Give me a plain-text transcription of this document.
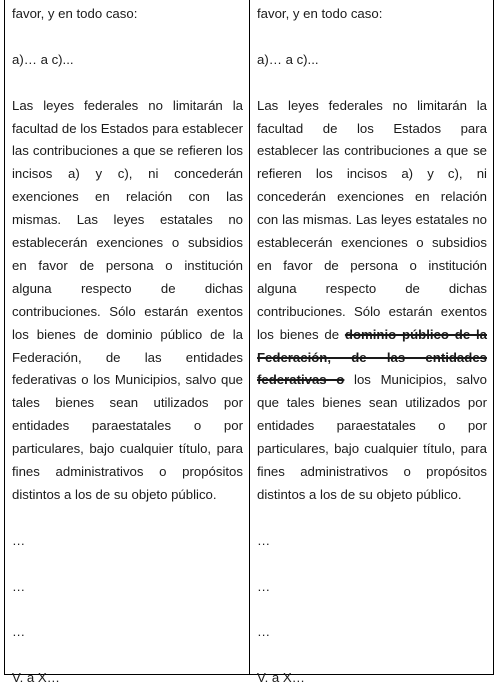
favor, y en todo caso:

a)… a c)...

Las leyes federales no limitarán la facultad de los Estados para establecer las contribuciones a que se refieren los incisos a) y c), ni concederán exenciones en relación con las mismas. Las leyes estatales no establecerán exenciones o subsidios en favor de persona o institución alguna respecto de dichas contribuciones. Sólo estarán exentos los bienes de dominio público de la Federación, de las entidades federativas o los Municipios, salvo que tales bienes sean utilizados por entidades paraestatales o por particulares, bajo cualquier título, para fines administrativos o propósitos distintos a los de su objeto público.

…

…

…

V. a X…

favor, y en todo caso:

a)… a c)...

Las leyes federales no limitarán la facultad de los Estados para establecer las contribuciones a que se refieren los incisos a) y c), ni concederán exenciones en relación con las mismas. Las leyes estatales no establecerán exenciones o subsidios en favor de persona o institución alguna respecto de dichas contribuciones. Sólo estarán exentos los bienes de dominio público de la Federación, de las entidades federativas o los Municipios, salvo que tales bienes sean utilizados por entidades paraestatales o por particulares, bajo cualquier título, para fines administrativos o propósitos distintos a los de su objeto público.

…

…

…

V. a X…
